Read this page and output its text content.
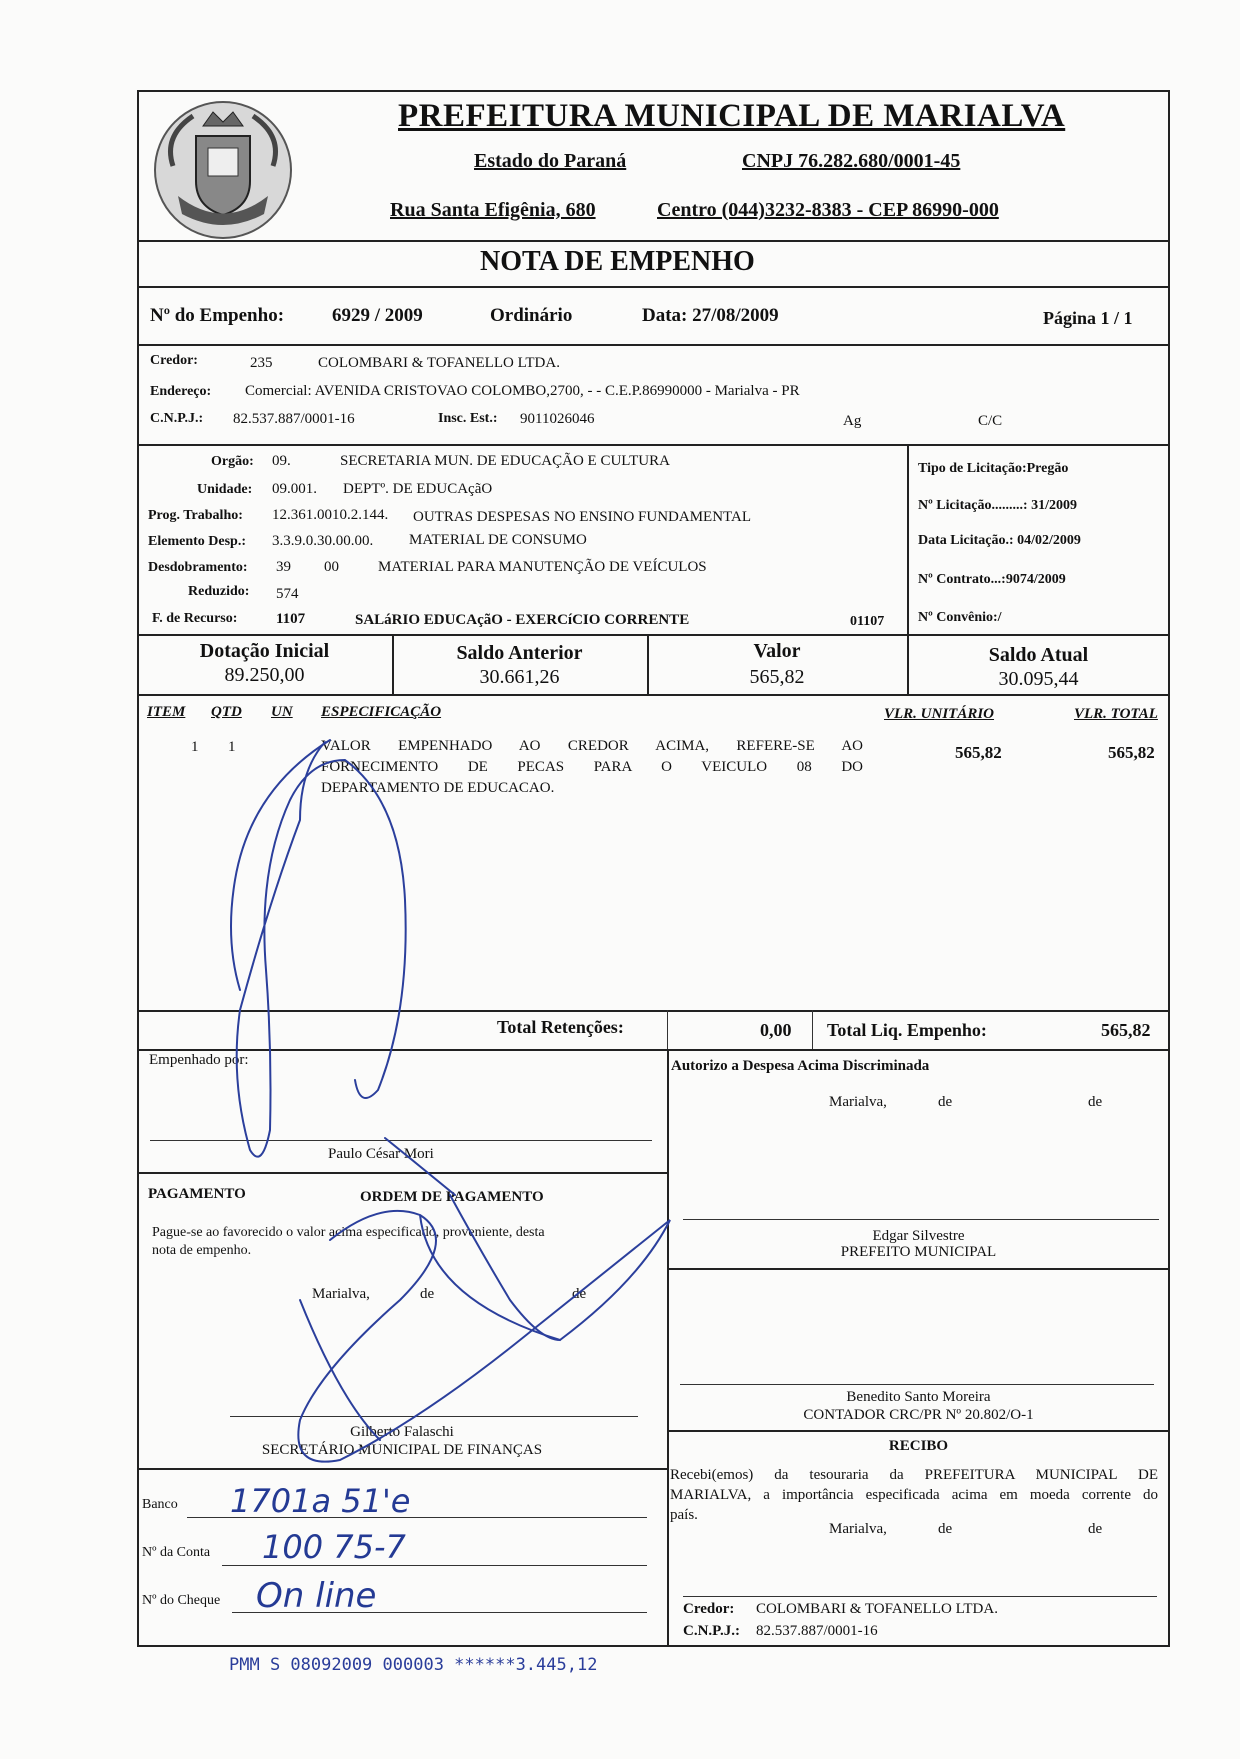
PREFEITURA MUNICIPAL DE MARIALVA
Estado do Paraná	CNPJ 76.282.680/0001-45
Rua Santa Efigênia, 680	Centro (044)3232-8383 - CEP 86990-000
NOTA DE EMPENHO
Nº do Empenho:	6929 / 2009	Ordinário	Data: 27/08/2009	Página 1 / 1
Credor:	235	COLOMBARI & TOFANELLO LTDA.
Endereço: Comercial: AVENIDA CRISTOVAO COLOMBO,2700, - - C.E.P.86990000 - Marialva - PR
C.N.P.J.: 82.537.887/0001-16	Insc. Est.: 9011026046	Ag	C/C
Orgão: 09.	SECRETARIA MUN. DE EDUCAÇÃO E CULTURA
Unidade: 09.001. DEPTº. DE EDUCAçãO
Prog. Trabalho: 12.361.0010.2.144. OUTRAS DESPESAS NO ENSINO FUNDAMENTAL
Elemento Desp.: 3.3.9.0.30.00.00. MATERIAL DE CONSUMO
Desdobramento: 39 00	MATERIAL PARA MANUTENÇÃO DE VEÍCULOS
Reduzido: 574
F. de Recurso:	1107	SALáRIO EDUCAçãO - EXERCíCIO CORRENTE	01107
Tipo de Licitação:Pregão
Nº Licitação.........: 31/2009
Data Licitação.: 04/02/2009
Nº Contrato...:9074/2009
Nº Convênio:/
Dotação Inicial
89.250,00
Saldo Anterior
30.661,26
Valor
565,82
Saldo Atual
30.095,44
ITEM QTD UN ESPECIFICAÇÃO	VLR. UNITÁRIO	VLR. TOTAL
1 1	VALOR EMPENHADO AO CREDOR ACIMA, REFERE-SE AO
FORNECIMENTO DE PECAS PARA O VEICULO 08 DO
DEPARTAMENTO DE EDUCACAO.
565,82	565,82
Total Retenções:	0,00 Total Liq. Empenho:	565,82
Empenhado por:
Paulo César Mori
Autorizo a Despesa Acima Discriminada
Marialva,	de	de
Edgar Silvestre
PREFEITO MUNICIPAL
PAGAMENTO	ORDEM DE PAGAMENTO
Pague-se ao favorecido o valor acima especificado, proveniente, desta
nota de empenho.
Marialva,	de	de
Gilberto Falaschi
SECRETÁRIO MUNICIPAL DE FINANÇAS
Banco 1701a 51'e
Nº da Conta 100 75-7
Nº do Cheque On line
Benedito Santo Moreira
CONTADOR CRC/PR Nº 20.802/O-1
RECIBO
Recebi(emos) da tesouraria da PREFEITURA MUNICIPAL DE
MARIALVA, a importância especificada acima em moeda corrente do
país.
Marialva,	de	de
Credor: COLOMBARI & TOFANELLO LTDA.
C.N.P.J.: 82.537.887/0001-16
PMM S 08092009 000003 ******3.445,12
